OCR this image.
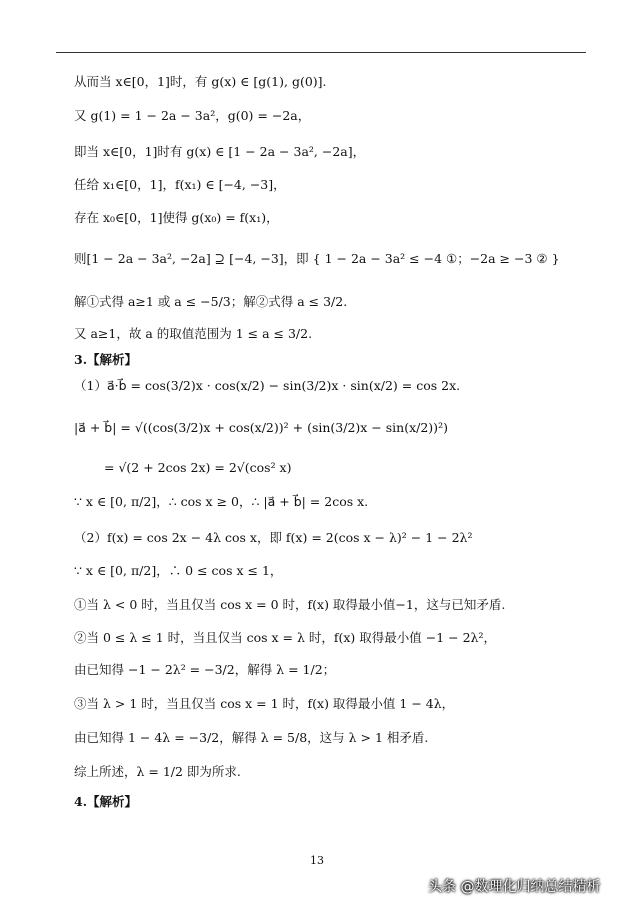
从而当 x∈[0，1]时，有 g(x) ∈ [g(1), g(0)].
又 g(1) = 1 − 2a − 3a²，g(0) = −2a，
即当 x∈[0，1]时有 g(x) ∈ [1 − 2a − 3a², −2a]，
任给 x₁∈[0，1]，f(x₁) ∈ [−4, −3]，
存在 x₀∈[0，1]使得 g(x₀) = f(x₁)，
则[1 − 2a − 3a², −2a] ⊇ [−4, −3]，即 { 1 − 2a − 3a² ≤ −4 ①；−2a ≥ −3 ② }
解①式得 a≥1 或 a ≤ −5/3；解②式得 a ≤ 3/2.
又 a≥1，故 a 的取值范围为 1 ≤ a ≤ 3/2.
3.【解析】
（1）a⃗·b⃗ = cos(3/2)x · cos(x/2) − sin(3/2)x · sin(x/2) = cos 2x.
|a⃗ + b⃗| = √((cos(3/2)x + cos(x/2))² + (sin(3/2)x − sin(x/2))²)
= √(2 + 2cos 2x) = 2√(cos² x)
∵ x ∈ [0, π/2]，∴ cos x ≥ 0，∴ |a⃗ + b⃗| = 2cos x.
（2）f(x) = cos 2x − 4λ cos x，即 f(x) = 2(cos x − λ)² − 1 − 2λ²
∵ x ∈ [0, π/2]，∴ 0 ≤ cos x ≤ 1，
①当 λ < 0 时，当且仅当 cos x = 0 时，f(x) 取得最小值−1，这与已知矛盾.
②当 0 ≤ λ ≤ 1 时，当且仅当 cos x = λ 时，f(x) 取得最小值 −1 − 2λ²，
由已知得 −1 − 2λ² = −3/2，解得 λ = 1/2；
③当 λ > 1 时，当且仅当 cos x = 1 时，f(x) 取得最小值 1 − 4λ，
由已知得 1 − 4λ = −3/2，解得 λ = 5/8，这与 λ > 1 相矛盾.
综上所述，λ = 1/2 即为所求.
4.【解析】
13
头条 @数理化归纳总结精析
